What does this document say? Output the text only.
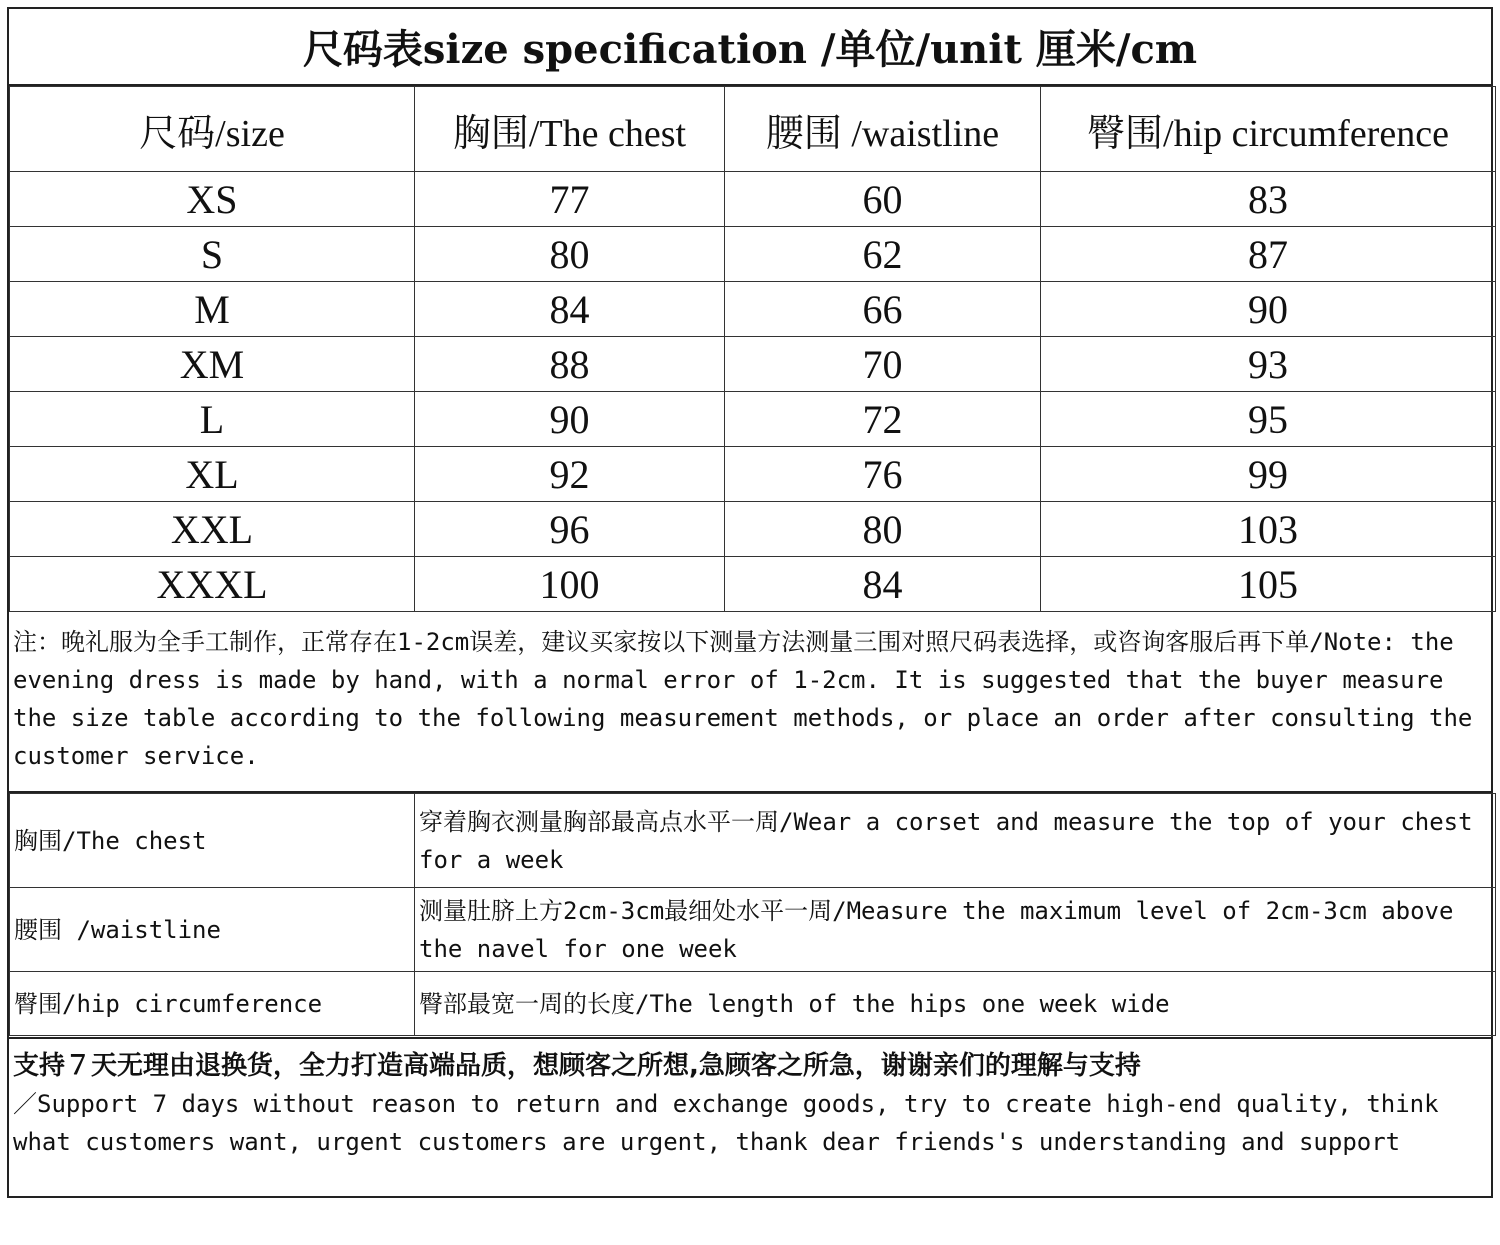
尺码表size specification /单位/unit 厘米/cm
尺码/size	胸围/The chest	腰围 /waistline	臀围/hip circumference
XS	77	60	83
S	80	62	87
M	84	66	90
XM	88	70	93
L	90	72	95
XL	92	76	99
XXL	96	80	103
XXXL	100	84	105
注：晚礼服为全手工制作，正常存在1-2cm误差，建议买家按以下测量方法测量三围对照尺码表选择，或咨询客服后再下单/Note: the evening dress is made by hand, with a normal error of 1-2cm. It is suggested that the buyer measure the size table according to the following measurement methods, or place an order after consulting the customer service.
胸围/The chest	穿着胸衣测量胸部最高点水平一周/Wear a corset and measure the top of your chest for a week
腰围 /waistline	测量肚脐上方2cm-3cm最细处水平一周/Measure the maximum level of 2cm-3cm above the navel for one week
臀围/hip circumference	臀部最宽一周的长度/The length of the hips one week wide
支持７天无理由退换货，全力打造高端品质，想顾客之所想,急顾客之所急，谢谢亲们的理解与支持
／Support 7 days without reason to return and exchange goods, try to create high-end quality, think what customers want, urgent customers are urgent, thank dear friends's understanding and support
